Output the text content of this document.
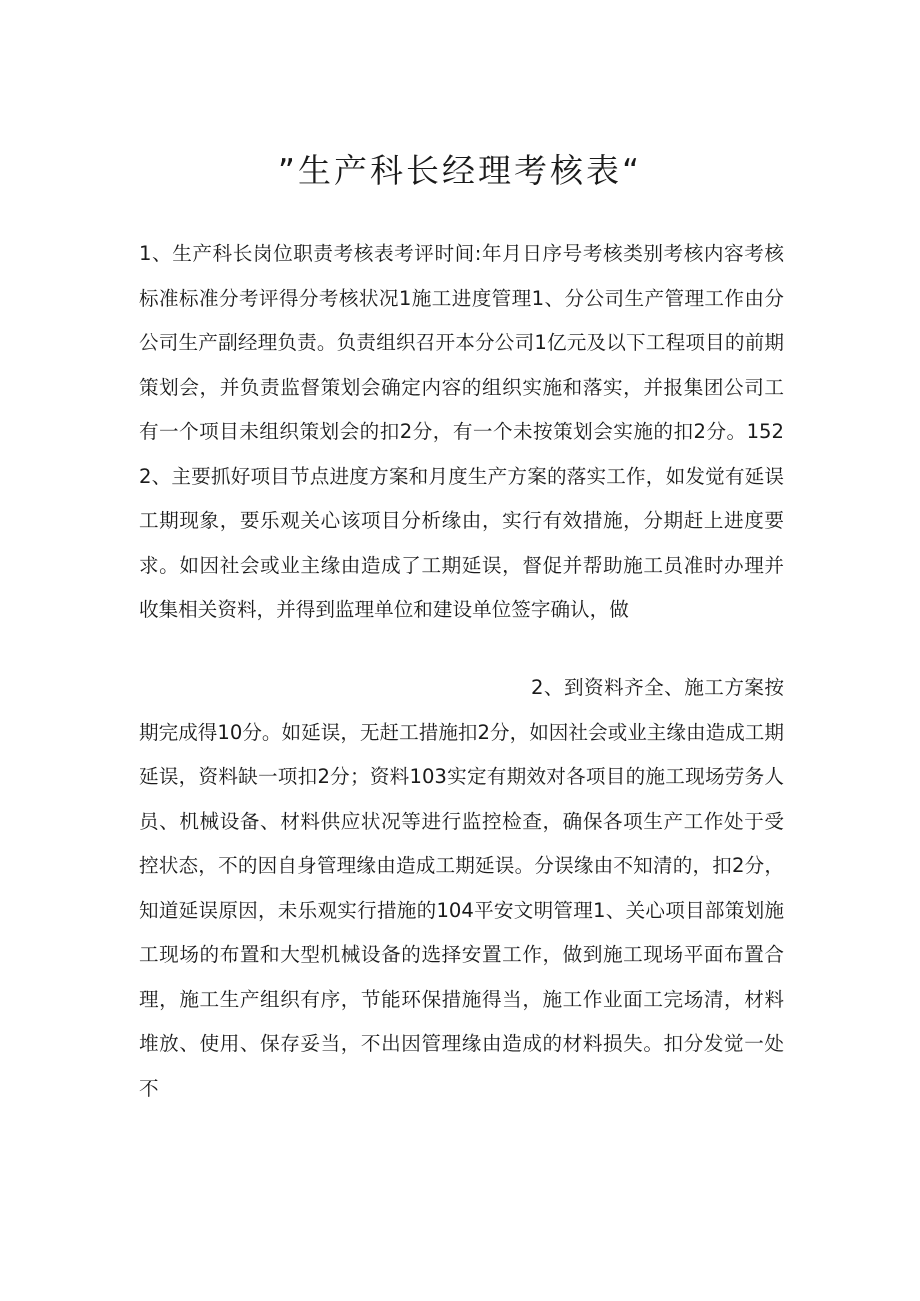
”生产科长经理考核表“

1、生产科长岗位职责考核表考评时间:年月日序号考核类别考核内容考核标准标准分考评得分考核状况1施工进度管理1、分公司生产管理工作由分公司生产副经理负责。负责组织召开本分公司1亿元及以下工程项目的前期策划会，并负责监督策划会确定内容的组织实施和落实，并报集团公司工有一个项目未组织策划会的扣2分，有一个未按策划会实施的扣2分。1522、主要抓好项目节点进度方案和月度生产方案的落实工作，如发觉有延误工期现象，要乐观关心该项目分析缘由，实行有效措施，分期赶上进度要求。如因社会或业主缘由造成了工期延误，督促并帮助施工员准时办理并收集相关资料，并得到监理单位和建设单位签字确认，做

2、到资料齐全、施工方案按期完成得10分。如延误，无赶工措施扣2分，如因社会或业主缘由造成工期延误，资料缺一项扣2分；资料103实定有期效对各项目的施工现场劳务人员、机械设备、材料供应状况等进行监控检查，确保各项生产工作处于受控状态，不的因自身管理缘由造成工期延误。分误缘由不知清的，扣2分，知道延误原因，未乐观实行措施的104平安文明管理1、关心项目部策划施工现场的布置和大型机械设备的选择安置工作，做到施工现场平面布置合理，施工生产组织有序，节能环保措施得当，施工作业面工完场清，材料堆放、使用、保存妥当，不出因管理缘由造成的材料损失。扣分发觉一处不
